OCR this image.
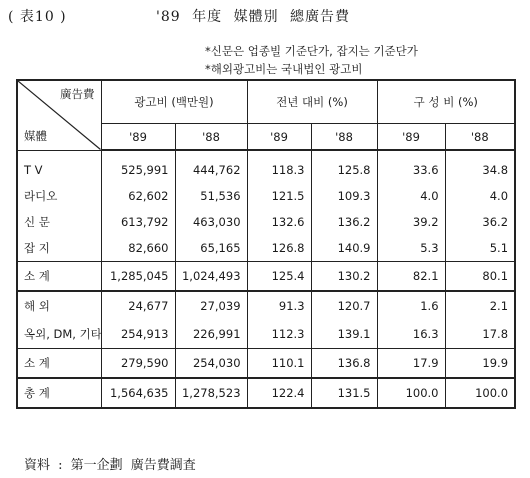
( 表10 )	'89 年度 媒體別 總廣告費
*신문은 업종빌 기준단가, 잡지는 기준단가
*해외광고비는 국내법인 광고비
廣告費
媒體	광고비 (백만원)		전년 대비 (%)		구 성 비 (%)	
	'89	'88	'89	'88	'89	'88
T V	525,991	444,762	118.3	125.8	33.6	34.8
라디오	62,602	51,536	121.5	109.3	4.0	4.0
신 문	613,792	463,030	132.6	136.2	39.2	36.2
잡 지	82,660	65,165	126.8	140.9	5.3	5.1
소 계	1,285,045	1,024,493	125.4	130.2	82.1	80.1
해 외	24,677	27,039	91.3	120.7	1.6	2.1
옥외, DM, 기타	254,913	226,991	112.3	139.1	16.3	17.8
소 계	279,590	254,030	110.1	136.8	17.9	19.9
총 계	1,564,635	1,278,523	122.4	131.5	100.0	100.0
資料 : 第一企劃 廣告費調査
